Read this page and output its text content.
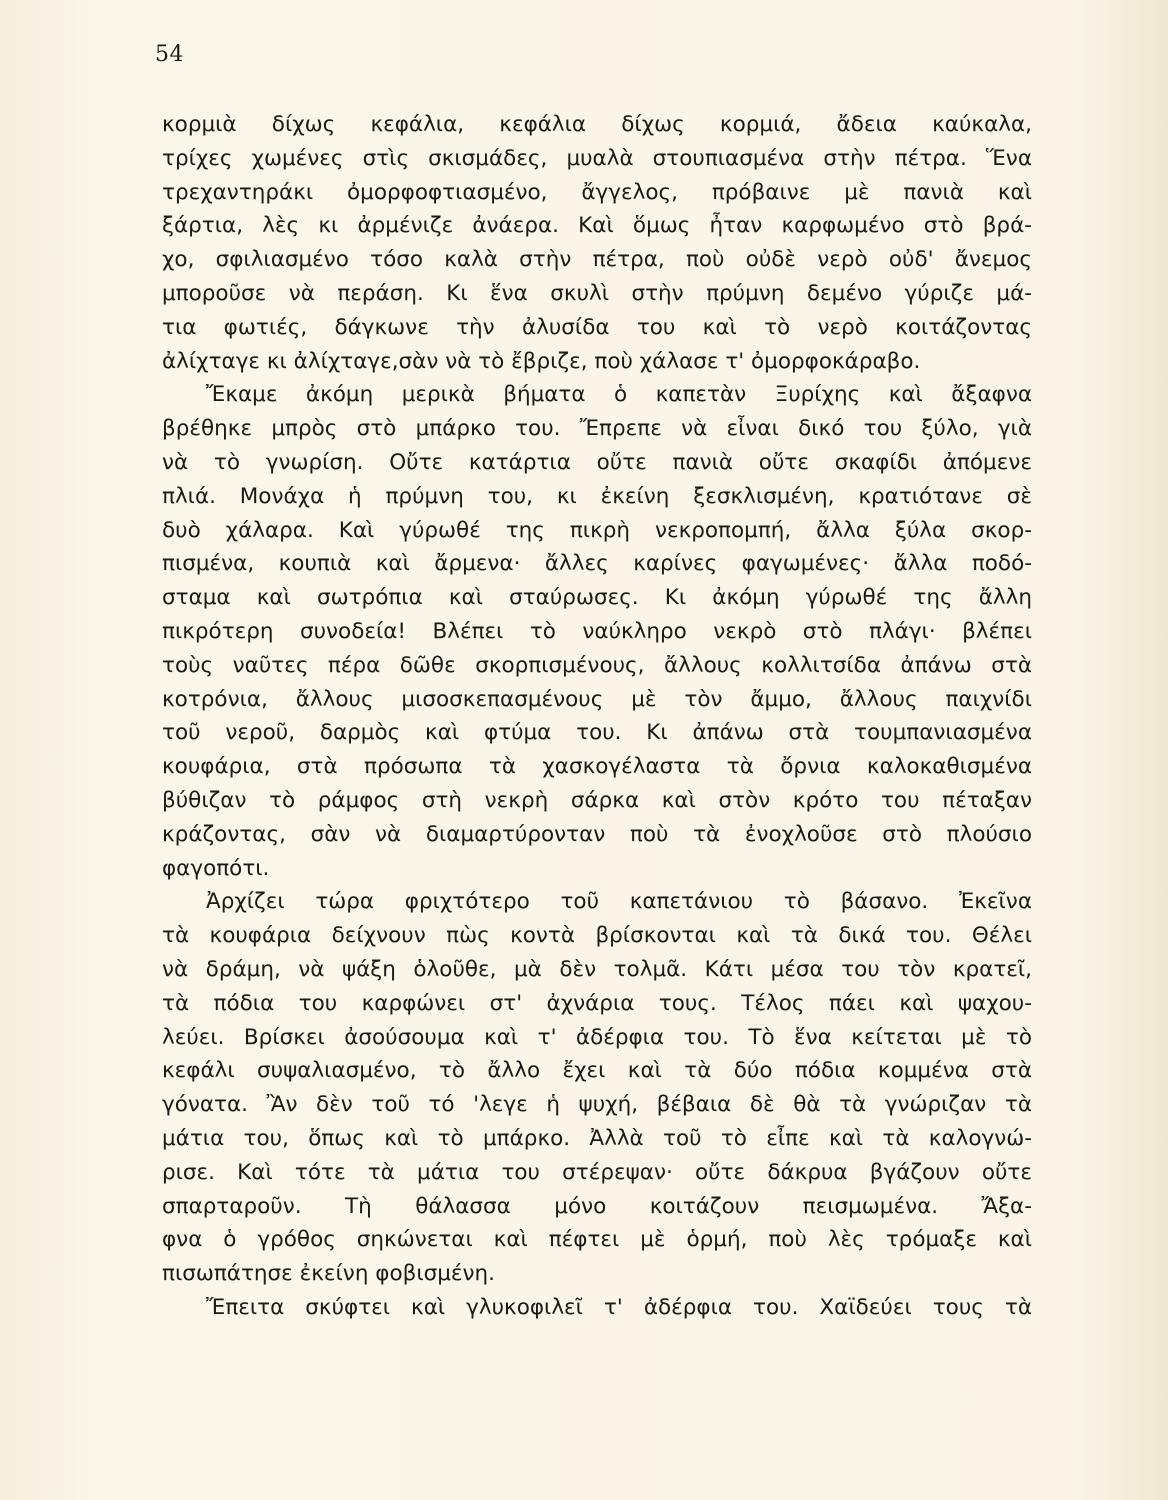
54
κορμιὰ δίχως κεφάλια, κεφάλια δίχως κορμιά, ἄδεια καύκαλα,
τρίχες χωμένες στὶς σκισμάδες, μυαλὰ στουπιασμένα στὴν πέτρα. Ἕνα
τρεχαντηράκι ὀμορφοφτιασμένο, ἄγγελος, πρόβαινε μὲ πανιὰ καὶ
ξάρτια, λὲς κι ἀρμένιζε ἀνάερα. Καὶ ὅμως ἦταν καρφωμένο στὸ βρά-
χο, σφιλιασμένο τόσο καλὰ στὴν πέτρα, ποὺ οὐδὲ νερὸ οὐδ' ἄνεμος
μποροῦσε νὰ περάση. Κι ἕνα σκυλὶ στὴν πρύμνη δεμένο γύριζε μά-
τια φωτιές, δάγκωνε τὴν ἀλυσίδα του καὶ τὸ νερὸ κοιτάζοντας
ἀλίχταγε κι ἀλίχταγε,σὰν νὰ τὸ ἔβριζε, ποὺ χάλασε τ' ὀμορφοκάραβο.
Ἔκαμε ἀκόμη μερικὰ βήματα ὁ καπετὰν Ξυρίχης καὶ ἄξαφνα
βρέθηκε μπρὸς στὸ μπάρκο του. Ἔπρεπε νὰ εἶναι δικό του ξύλο, γιὰ
νὰ τὸ γνωρίση. Οὔτε κατάρτια οὔτε πανιὰ οὔτε σκαφίδι ἀπόμενε
πλιά. Μονάχα ἡ πρύμνη του, κι ἐκείνη ξεσκλισμένη, κρατιότανε σὲ
δυὸ χάλαρα. Καὶ γύρωθέ της πικρὴ νεκροπομπή, ἄλλα ξύλα σκορ-
πισμένα, κουπιὰ καὶ ἄρμενα· ἄλλες καρίνες φαγωμένες· ἄλλα ποδό-
σταμα καὶ σωτρόπια καὶ σταύρωσες. Κι ἀκόμη γύρωθέ της ἄλλη
πικρότερη συνοδεία! Βλέπει τὸ ναύκληρο νεκρὸ στὸ πλάγι· βλέπει
τοὺς ναῦτες πέρα δῶθε σκορπισμένους, ἄλλους κολλιτσίδα ἀπάνω στὰ
κοτρόνια, ἄλλους μισοσκεπασμένους μὲ τὸν ἄμμο, ἄλλους παιχνίδι
τοῦ νεροῦ, δαρμὸς καὶ φτύμα του. Κι ἀπάνω στὰ τουμπανιασμένα
κουφάρια, στὰ πρόσωπα τὰ χασκογέλαστα τὰ ὄρνια καλοκαθισμένα
βύθιζαν τὸ ράμφος στὴ νεκρὴ σάρκα καὶ στὸν κρότο του πέταξαν
κράζοντας, σὰν νὰ διαμαρτύρονταν ποὺ τὰ ἐνοχλοῦσε στὸ πλούσιο
φαγοπότι.
Ἀρχίζει τώρα φριχτότερο τοῦ καπετάνιου τὸ βάσανο. Ἐκεῖνα
τὰ κουφάρια δείχνουν πὼς κοντὰ βρίσκονται καὶ τὰ δικά του. Θέλει
νὰ δράμη, νὰ ψάξη ὁλοῦθε, μὰ δὲν τολμᾶ. Κάτι μέσα του τὸν κρατεῖ,
τὰ πόδια του καρφώνει στ' ἀχνάρια τους. Τέλος πάει καὶ ψαχου-
λεύει. Βρίσκει ἀσούσουμα καὶ τ' ἀδέρφια του. Τὸ ἕνα κείτεται μὲ τὸ
κεφάλι συψαλιασμένο, τὸ ἄλλο ἔχει καὶ τὰ δύο πόδια κομμένα στὰ
γόνατα. Ἂν δὲν τοῦ τό 'λεγε ἡ ψυχή, βέβαια δὲ θὰ τὰ γνώριζαν τὰ
μάτια του, ὅπως καὶ τὸ μπάρκο. Ἀλλὰ τοῦ τὸ εἶπε καὶ τὰ καλογνώ-
ρισε. Καὶ τότε τὰ μάτια του στέρεψαν· οὔτε δάκρυα βγάζουν οὔτε
σπαρταροῦν. Τὴ θάλασσα μόνο κοιτάζουν πεισμωμένα. Ἄξα-
φνα ὁ γρόθος σηκώνεται καὶ πέφτει μὲ ὁρμή, ποὺ λὲς τρόμαξε καὶ
πισωπάτησε ἐκείνη φοβισμένη.
Ἔπειτα σκύφτει καὶ γλυκοφιλεῖ τ' ἀδέρφια του. Χαϊδεύει τους τὰ
